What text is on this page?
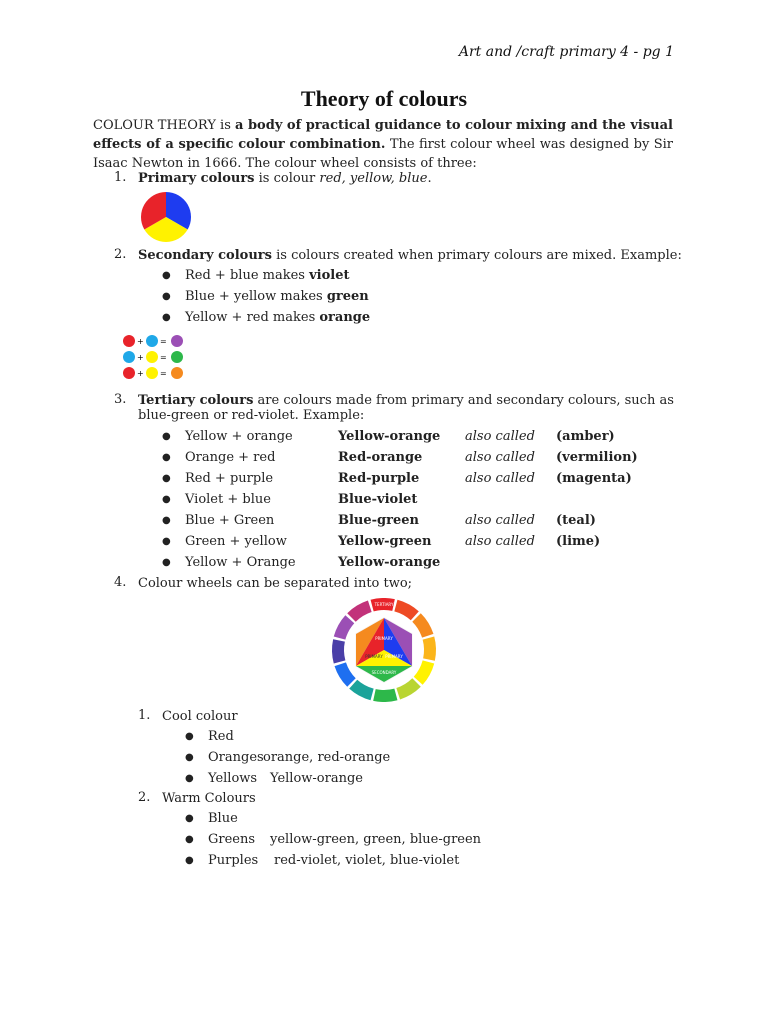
Art and /craft primary 4 - pg 1
Theory of colours
COLOUR THEORY is a body of practical guidance to colour mixing and the visual effects of a specific colour combination. The first colour wheel was designed by Sir Isaac Newton in 1666. The colour wheel consists of three:
1. Primary colours is colour red, yellow, blue.
2. Secondary colours is colours created when primary colours are mixed. Example:
● Red + blue makes violet
● Blue + yellow makes green
● Yellow + red makes orange
+ =
+ =
+ =
3. Tertiary colours are colours made from primary and secondary colours, such as
blue-green or red-violet. Example:
● Yellow + orange	Yellow-orange also called (amber)
● Orange + red	Red-orange	also called (vermilion)
● Red + purple	Red-purple	also called (magenta)
● Violet + blue	Blue-violet
● Blue + Green	Blue-green	also called (teal)
● Green + yellow	Yellow-green	also called (lime)
● Yellow + Orange	Yellow-orange
4. Colour wheels can be separated into two;
PRIMARY
PRIMARY PRIMARY
SECONDARY
TERTIARY
1. Cool colour
● Red
● Oranges orange, red-orange
● Yellows Yellow-orange
2. Warm Colours
● Blue
● Greens yellow-green, green, blue-green
● Purples red-violet, violet, blue-violet
